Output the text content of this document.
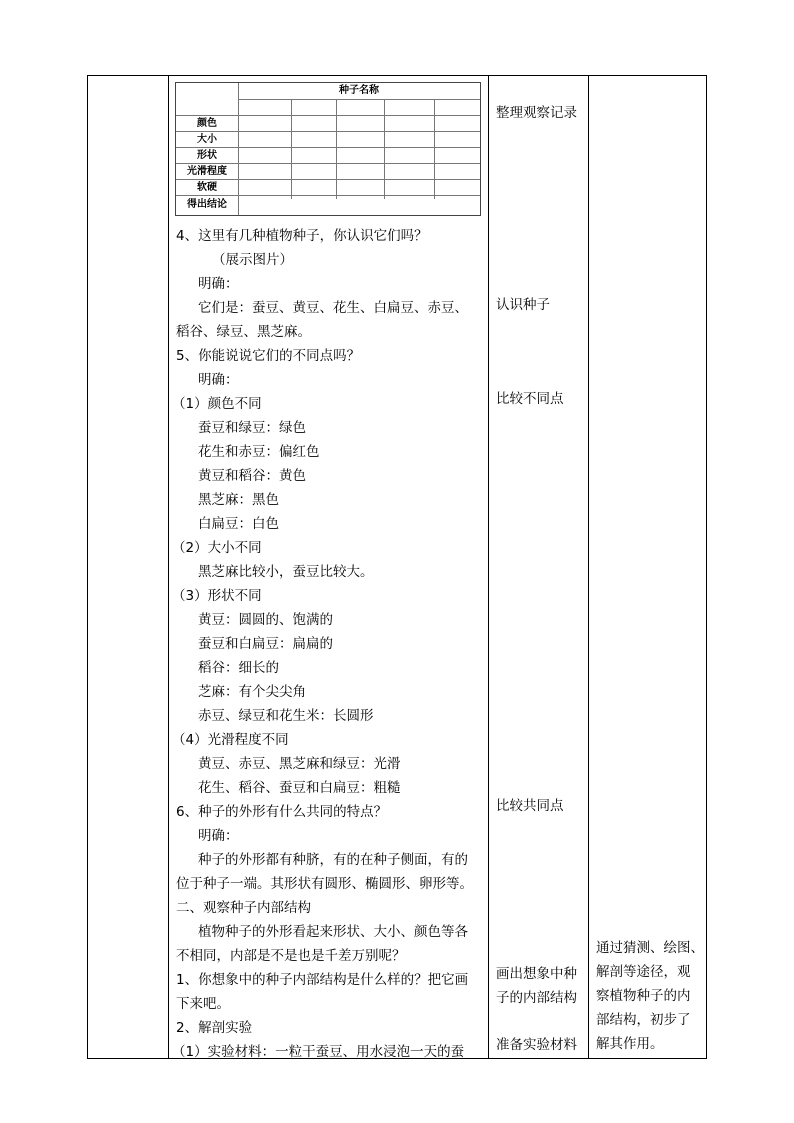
种子名称
颜色
大小
形状
光滑程度
软硬
得出结论
4、这里有几种植物种子，你认识它们吗？
（展示图片）
明确：
它们是：蚕豆、黄豆、花生、白扁豆、赤豆、
稻谷、绿豆、黑芝麻。
5、你能说说它们的不同点吗？
明确：
（1）颜色不同
蚕豆和绿豆：绿色
花生和赤豆：偏红色
黄豆和稻谷：黄色
黑芝麻：黑色
白扁豆：白色
（2）大小不同
黑芝麻比较小，蚕豆比较大。
（3）形状不同
黄豆：圆圆的、饱满的
蚕豆和白扁豆：扁扁的
稻谷：细长的
芝麻：有个尖尖角
赤豆、绿豆和花生米：长圆形
（4）光滑程度不同
黄豆、赤豆、黑芝麻和绿豆：光滑
花生、稻谷、蚕豆和白扁豆：粗糙
6、种子的外形有什么共同的特点？
明确：
种子的外形都有种脐，有的在种子侧面，有的
位于种子一端。其形状有圆形、椭圆形、卵形等。
二、观察种子内部结构
植物种子的外形看起来形状、大小、颜色等各
不相同，内部是不是也是千差万别呢？
1、你想象中的种子内部结构是什么样的？把它画
下来吧。
2、解剖实验
（1）实验材料：一粒干蚕豆、用水浸泡一天的蚕
整理观察记录
认识种子
比较不同点
比较共同点
画出想象中种
子的内部结构
准备实验材料
通过猜测、绘图、
解剖等途径，观
察植物种子的内
部结构，初步了
解其作用。
